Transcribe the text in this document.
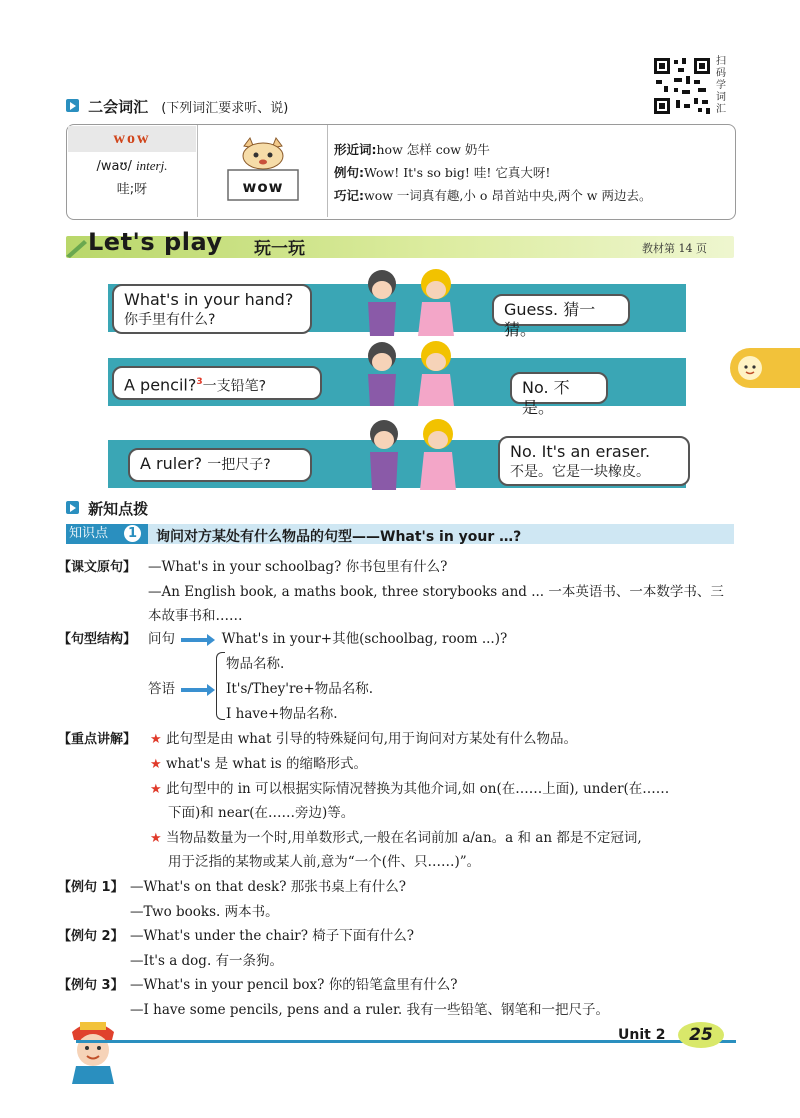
扫
码
学
词
汇
二会词汇 (下列词汇要求听、说)
wow
/waʊ/ interj.
哇;呀	wow
形近词:how 怎样 cow 奶牛
例句:Wow! It's so big! 哇! 它真大呀!
巧记:wow 一词真有趣,小 o 昂首站中央,两个 w 两边去。
Let's play 玩一玩	教材第 14 页
What's in your hand?
你手里有什么?
Guess. 猜一猜。
A pencil?$^3$一支铅笔?	No. 不是。
A ruler? 一把尺子?
No. It's an eraser.
不是。它是一块橡皮。
新知点拨
知识点	1 询问对方某处有什么物品的句型——What's in your …?
【课文原句】 —What's in your schoolbag? 你书包里有什么?
—An English book, a maths book, three storybooks and ... 一本英语书、一本数学书、三
本故事书和……
【句型结构】 问句	What's in your+其他(schoolbag, room ...)?
答语
物品名称.
It's/They're+物品名称.
I have+物品名称.
【重点讲解】 ★ 此句型是由 what 引导的特殊疑问句,用于询问对方某处有什么物品。
★ what's 是 what is 的缩略形式。
★ 此句型中的 in 可以根据实际情况替换为其他介词,如 on(在……上面), under(在……
下面)和 near(在……旁边)等。
★ 当物品数量为一个时,用单数形式,一般在名词前加 a/an。a 和 an 都是不定冠词,
用于泛指的某物或某人前,意为“一个(件、只……)”。
【例句 1】 —What's on that desk? 那张书桌上有什么?
—Two books. 两本书。
【例句 2】 —What's under the chair? 椅子下面有什么?
—It's a dog. 有一条狗。
【例句 3】 —What's in your pencil box? 你的铅笔盒里有什么?
—I have some pencils, pens and a ruler. 我有一些铅笔、钢笔和一把尺子。
Unit 2	25
